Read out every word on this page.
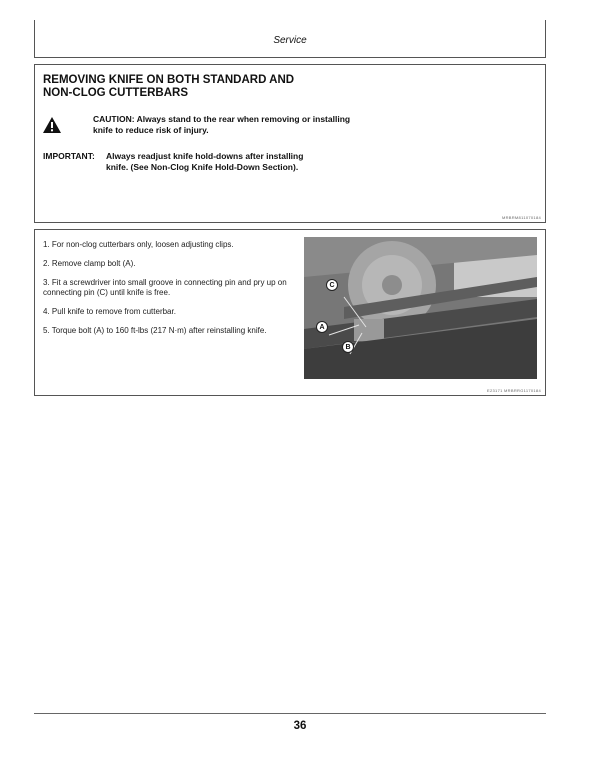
Service
REMOVING KNIFE ON BOTH STANDARD AND
NON-CLOG CUTTERBARS
CAUTION: Always stand to the rear when removing or installing knife to reduce risk of injury.
IMPORTANT: Always readjust knife hold-downs after installing knife. (See Non-Clog Knife Hold-Down Section).
MRBRM811070184
1. For non-clog cutterbars only, loosen adjusting clips.
2. Remove clamp bolt (A).
3. Fit a screwdriver into small groove in connecting pin and pry up on connecting pin (C) until knife is free.
4. Pull knife to remove from cutterbar.
5. Torque bolt (A) to 160 ft-lbs (217 N·m) after reinstalling knife.
C
A
B
E23171 MRBRRG1170184
36
